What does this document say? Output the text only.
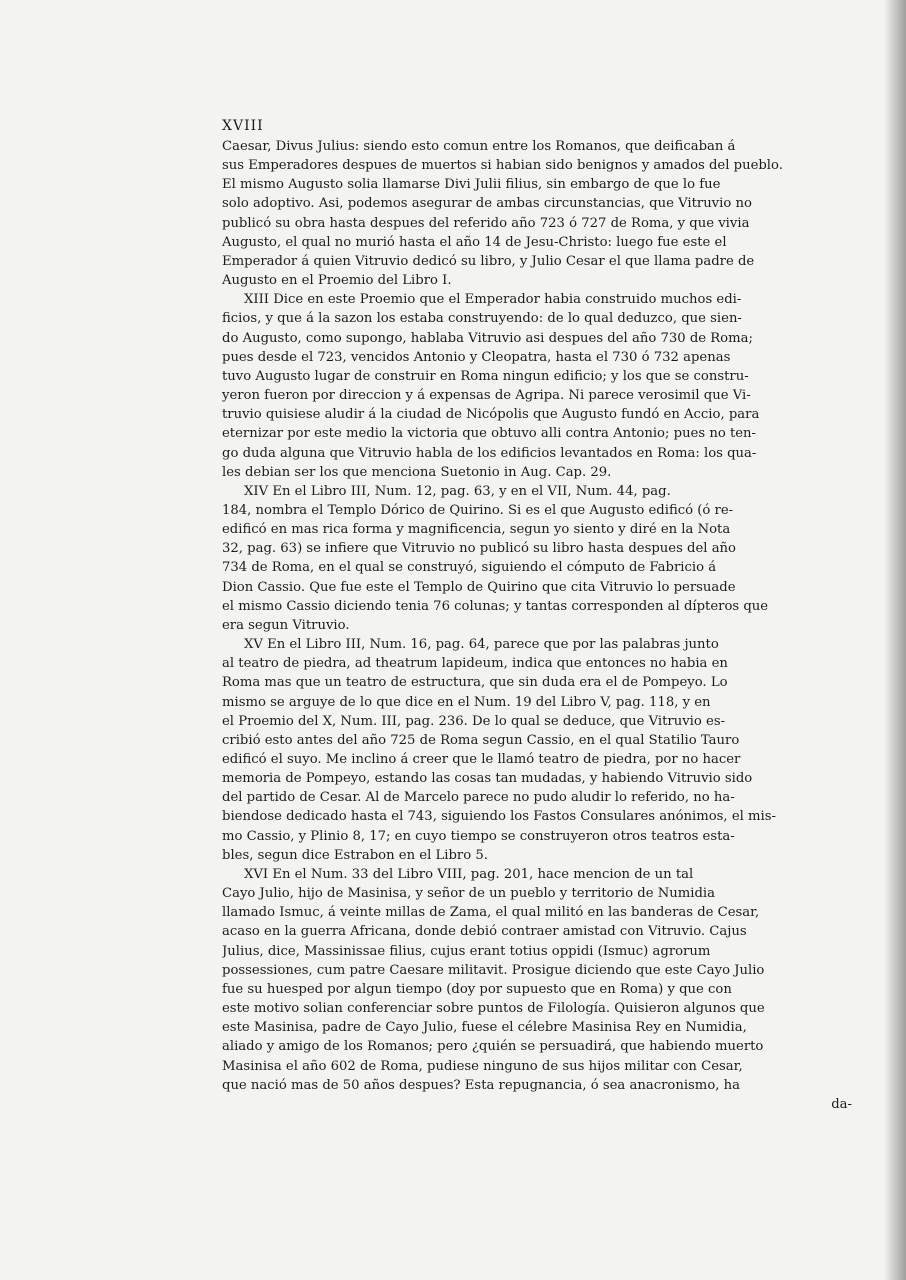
XVIII
Caesar, Divus Julius: siendo esto comun entre los Romanos, que deificaban á
sus Emperadores despues de muertos si habian sido benignos y amados del pueblo.
El mismo Augusto solia llamarse Divi Julii filius, sin embargo de que lo fue
solo adoptivo. Asi, podemos asegurar de ambas circunstancias, que Vitruvio no
publicó su obra hasta despues del referido año 723 ó 727 de Roma, y que vivia
Augusto, el qual no murió hasta el año 14 de Jesu-Christo: luego fue este el
Emperador á quien Vitruvio dedicó su libro, y Julio Cesar el que llama padre de
Augusto en el Proemio del Libro I.
XIII Dice en este Proemio que el Emperador habia construido muchos edi-
ficios, y que á la sazon los estaba construyendo: de lo qual deduzco, que sien-
do Augusto, como supongo, hablaba Vitruvio asi despues del año 730 de Roma;
pues desde el 723, vencidos Antonio y Cleopatra, hasta el 730 ó 732 apenas
tuvo Augusto lugar de construir en Roma ningun edificio; y los que se constru-
yeron fueron por direccion y á expensas de Agripa. Ni parece verosimil que Vi-
truvio quisiese aludir á la ciudad de Nicópolis que Augusto fundó en Accio, para
eternizar por este medio la victoria que obtuvo alli contra Antonio; pues no ten-
go duda alguna que Vitruvio habla de los edificios levantados en Roma: los qua-
les debian ser los que menciona Suetonio in Aug. Cap. 29.
XIV En el Libro III, Num. 12, pag. 63, y en el VII, Num. 44, pag.
184, nombra el Templo Dórico de Quirino. Si es el que Augusto edificó (ó re-
edificó en mas rica forma y magnificencia, segun yo siento y diré en la Nota
32, pag. 63) se infiere que Vitruvio no publicó su libro hasta despues del año
734 de Roma, en el qual se construyó, siguiendo el cómputo de Fabricio á
Dion Cassio. Que fue este el Templo de Quirino que cita Vitruvio lo persuade
el mismo Cassio diciendo tenia 76 colunas; y tantas corresponden al dípteros que
era segun Vitruvio.
XV En el Libro III, Num. 16, pag. 64, parece que por las palabras junto
al teatro de piedra, ad theatrum lapideum, indica que entonces no habia en
Roma mas que un teatro de estructura, que sin duda era el de Pompeyo. Lo
mismo se arguye de lo que dice en el Num. 19 del Libro V, pag. 118, y en
el Proemio del X, Num. III, pag. 236. De lo qual se deduce, que Vitruvio es-
cribió esto antes del año 725 de Roma segun Cassio, en el qual Statilio Tauro
edificó el suyo. Me inclino á creer que le llamó teatro de piedra, por no hacer
memoria de Pompeyo, estando las cosas tan mudadas, y habiendo Vitruvio sido
del partido de Cesar. Al de Marcelo parece no pudo aludir lo referido, no ha-
biendose dedicado hasta el 743, siguiendo los Fastos Consulares anónimos, el mis-
mo Cassio, y Plinio 8, 17; en cuyo tiempo se construyeron otros teatros esta-
bles, segun dice Estrabon en el Libro 5.
XVI En el Num. 33 del Libro VIII, pag. 201, hace mencion de un tal
Cayo Julio, hijo de Masinisa, y señor de un pueblo y territorio de Numidia
llamado Ismuc, á veinte millas de Zama, el qual militó en las banderas de Cesar,
acaso en la guerra Africana, donde debió contraer amistad con Vitruvio. Cajus
Julius, dice, Massinissae filius, cujus erant totius oppidi (Ismuc) agrorum
possessiones, cum patre Caesare militavit. Prosigue diciendo que este Cayo Julio
fue su huesped por algun tiempo (doy por supuesto que en Roma) y que con
este motivo solian conferenciar sobre puntos de Filología. Quisieron algunos que
este Masinisa, padre de Cayo Julio, fuese el célebre Masinisa Rey en Numidia,
aliado y amigo de los Romanos; pero ¿quién se persuadirá, que habiendo muerto
Masinisa el año 602 de Roma, pudiese ninguno de sus hijos militar con Cesar,
que nació mas de 50 años despues? Esta repugnancia, ó sea anacronismo, ha
da-
